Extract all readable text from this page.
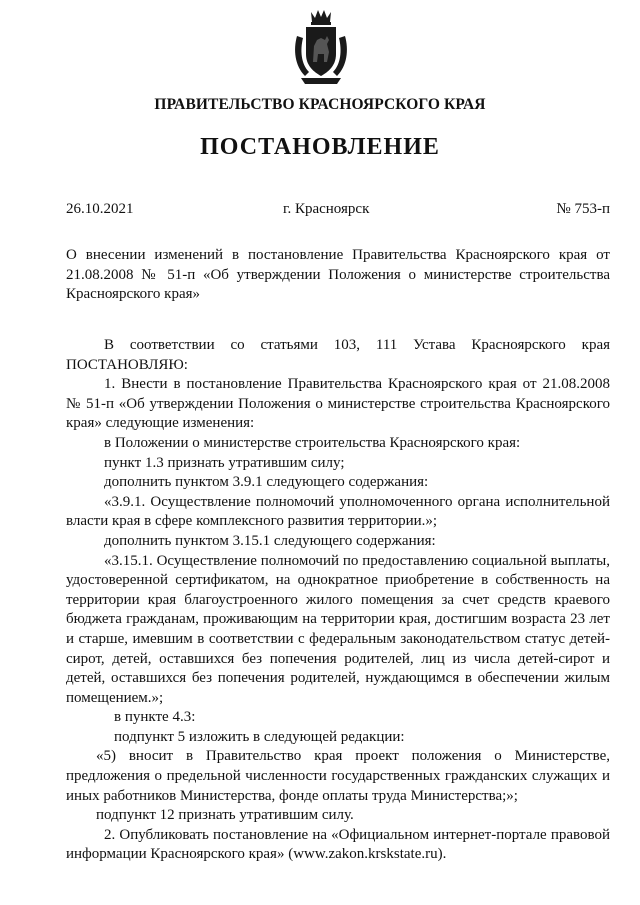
ПРАВИТЕЛЬСТВО КРАСНОЯРСКОГО КРАЯ
ПОСТАНОВЛЕНИЕ
26.10.2021	г. Красноярск	№ 753-п
О внесении изменений в постановление Правительства Красноярского края от 21.08.2008 № 51-п «Об утверждении Положения о министерстве строительства Красноярского края»

В соответствии со статьями 103, 111 Устава Красноярского края ПОСТАНОВЛЯЮ:

1. Внести в постановление Правительства Красноярского края от 21.08.2008 № 51-п «Об утверждении Положения о министерстве строительства Красноярского края» следующие изменения:

в Положении о министерстве строительства Красноярского края:

пункт 1.3 признать утратившим силу;

дополнить пунктом 3.9.1 следующего содержания:

«3.9.1. Осуществление полномочий уполномоченного органа исполнительной власти края в сфере комплексного развития территории.»;

дополнить пунктом 3.15.1 следующего содержания:

«3.15.1. Осуществление полномочий по предоставлению социальной выплаты, удостоверенной сертификатом, на однократное приобретение в собственность на территории края благоустроенного жилого помещения за счет средств краевого бюджета гражданам, проживающим на территории края, достигшим возраста 23 лет и старше, имевшим в соответствии с федеральным законодательством статус детей-сирот, детей, оставшихся без попечения родителей, лиц из числа детей-сирот и детей, оставшихся без попечения родителей, нуждающимся в обеспечении жилым помещением.»;

в пункте 4.3:

подпункт 5 изложить в следующей редакции:

«5) вносит в Правительство края проект положения о Министерстве, предложения о предельной численности государственных гражданских служащих и иных работников Министерства, фонде оплаты труда Министерства;»;

подпункт 12 признать утратившим силу.

2. Опубликовать постановление на «Официальном интернет-портале правовой информации Красноярского края» (www.zakon.krskstate.ru).
